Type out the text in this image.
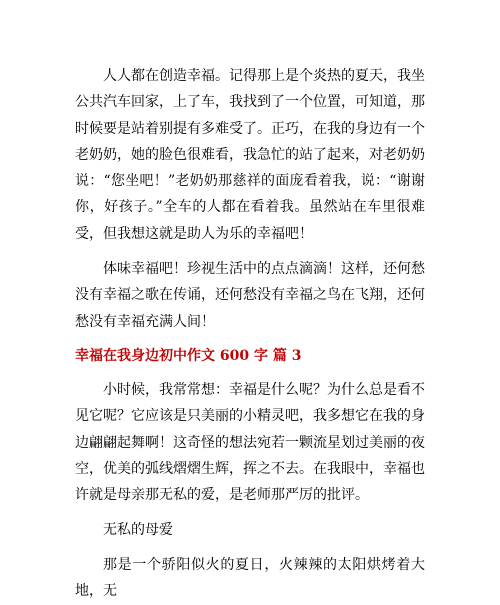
人人都在创造幸福。记得那上是个炎热的夏天，我坐公共汽车回家，上了车，我找到了一个位置，可知道，那时候要是站着别提有多难受了。正巧，在我的身边有一个老奶奶，她的脸色很难看，我急忙的站了起来，对老奶奶说：“您坐吧！”老奶奶那慈祥的面庞看着我，说：“谢谢你，好孩子。”全车的人都在看着我。虽然站在车里很难受，但我想这就是助人为乐的幸福吧！

体味幸福吧！珍视生活中的点点滴滴！这样，还何愁没有幸福之歌在传诵，还何愁没有幸福之鸟在飞翔，还何愁没有幸福充满人间！

幸福在我身边初中作文 600 字 篇 3

小时候，我常常想：幸福是什么呢？为什么总是看不见它呢？它应该是只美丽的小精灵吧，我多想它在我的身边翩翩起舞啊！这奇怪的想法宛若一颗流星划过美丽的夜空，优美的弧线熠熠生辉，挥之不去。在我眼中，幸福也许就是母亲那无私的爱，是老师那严厉的批评。

无私的母爱

那是一个骄阳似火的夏日，火辣辣的太阳烘烤着大地，无
